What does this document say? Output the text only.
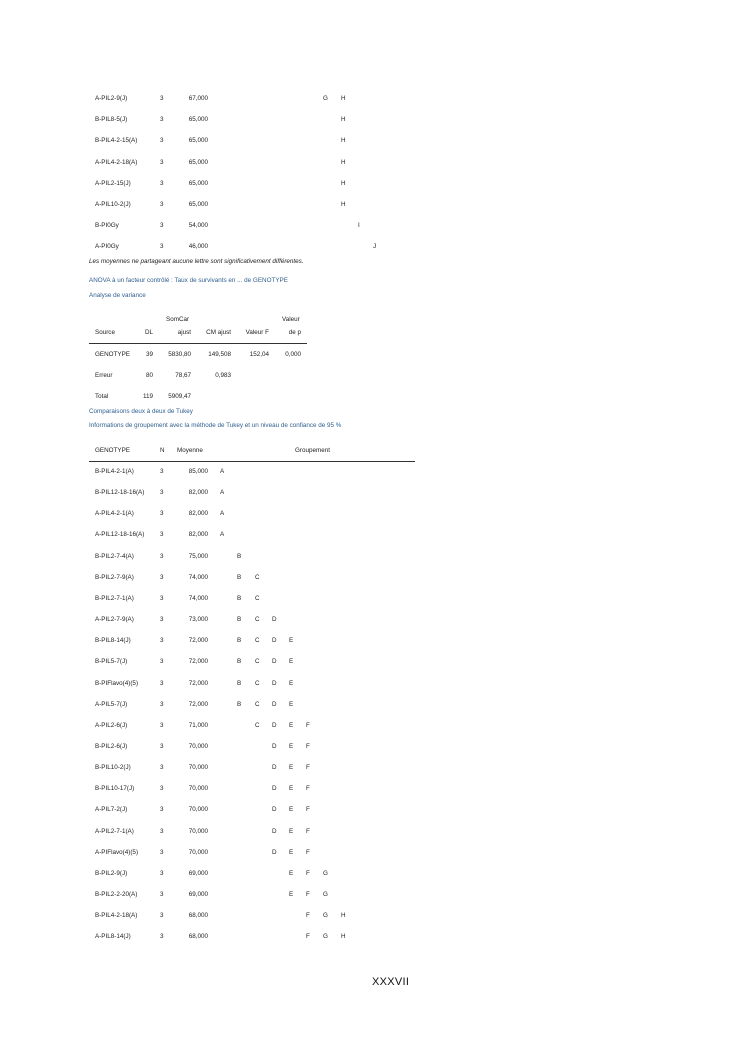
A-PIL2-9(J)	3	67,000	G H
B-PIL8-5(J)	3	65,000	H
B-PIL4-2-15(A)	3	65,000	H
A-PIL4-2-18(A)	3	65,000	H
A-PIL2-15(J)	3	65,000	H
A-PIL10-2(J)	3	65,000	H
B-PI0Gy	3	54,000	I
A-PI0Gy	3	46,000	J
Les moyennes ne partageant aucune lettre sont significativement différentes.
ANOVA à un facteur contrôlé : Taux de survivants en ... de GENOTYPE
Analyse de variance
SomCar	Valeur
Source	DL	ajust	CM ajust	Valeur F	de p
GENOTYPE	39	5830,80	149,508	152,04	0,000
Erreur	80	78,67	0,983
Total	119	5909,47
Comparaisons deux à deux de Tukey
Informations de groupement avec la méthode de Tukey et un niveau de confiance de 95 %
GENOTYPE	N Moyenne	Groupement
B-PIL4-2-1(A)	3	85,000 A
B-PIL12-18-16(A) 3	82,000 A
A-PIL4-2-1(A)	3	82,000 A
A-PIL12-18-16(A) 3	82,000 A
B-PIL2-7-4(A)	3	75,000	B
B-PIL2-7-9(A)	3	74,000	B C
B-PIL2-7-1(A)	3	74,000	B C
A-PIL2-7-9(A)	3	73,000	B C D
B-PIL8-14(J)	3	72,000	B C D E
B-PIL5-7(J)	3	72,000	B C D E
B-PIFlavo(4)(5)	3	72,000	B C D E
A-PIL5-7(J)	3	72,000	B C D E
A-PIL2-6(J)	3	71,000	C D E F
B-PIL2-6(J)	3	70,000	D E F
B-PIL10-2(J)	3	70,000	D E F
B-PIL10-17(J)	3	70,000	D E F
A-PIL7-2(J)	3	70,000	D E F
A-PIL2-7-1(A)	3	70,000	D E F
A-PIFlavo(4)(5)	3	70,000	D E F
B-PIL2-9(J)	3	69,000	E F G
B-PIL2-2-20(A)	3	69,000	E F G
B-PIL4-2-18(A)	3	68,000	F G H
A-PIL8-14(J)	3	68,000	F G H
XXXVII
